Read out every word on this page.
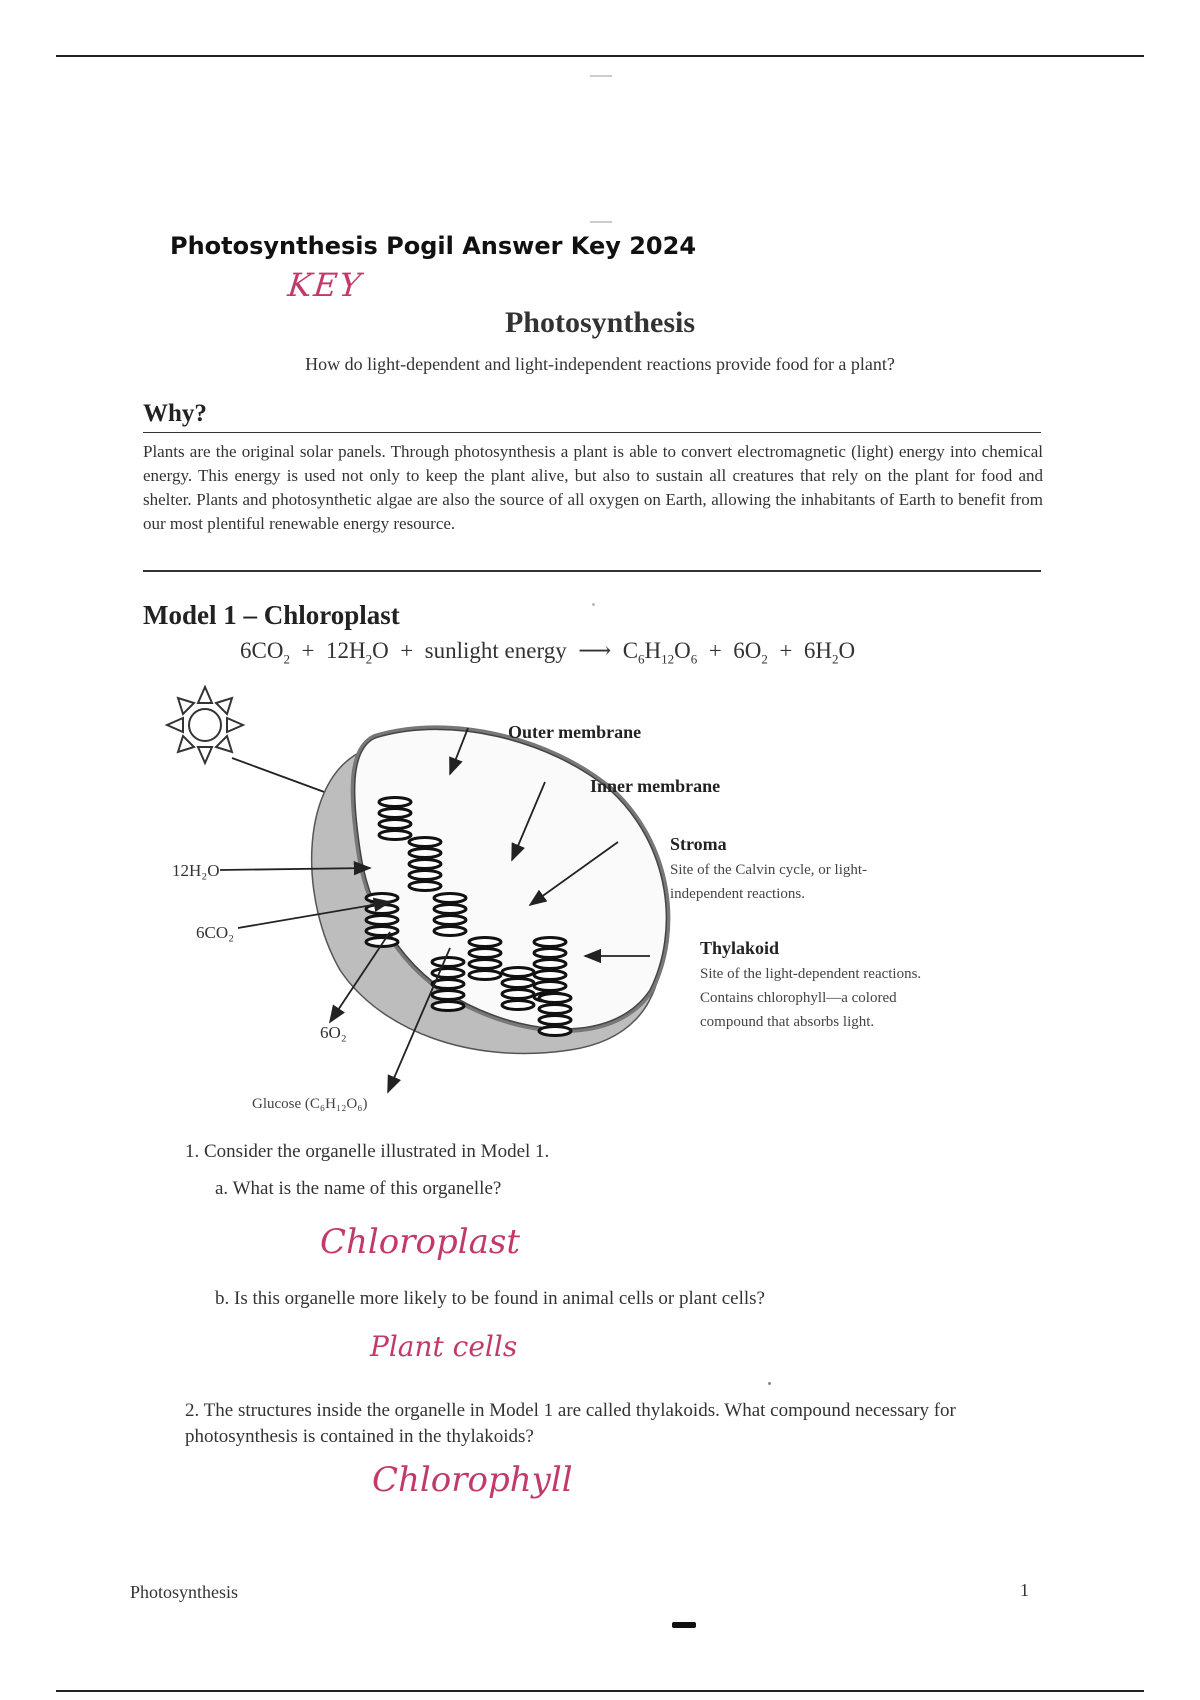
Photosynthesis Pogil Answer Key 2024
KEY
Photosynthesis
How do light-dependent and light-independent reactions provide food for a plant?
Why?
Plants are the original solar panels. Through photosynthesis a plant is able to convert electromagnetic (light) energy into chemical energy. This energy is used not only to keep the plant alive, but also to sustain all creatures that rely on the plant for food and shelter. Plants and photosynthetic algae are also the source of all oxygen on Earth, allowing the inhabitants of Earth to benefit from our most plentiful renewable energy resource.
Model 1 – Chloroplast
$6CO_2 + 12H_2O$ + sunlight energy ⟶ $C_6H_{12}O_6 + 6O_2 + 6H_2O$
Outer membrane
Inner membrane
Stroma
Site of the Calvin cycle, or light-
independent reactions.
Thylakoid
Site of the light-dependent reactions.
Contains chlorophyll—a colored
compound that absorbs light.
12H₂O
6CO₂
6O₂
Glucose (C₆H₁₂O₆)
1. Consider the organelle illustrated in Model 1.
a. What is the name of this organelle?
Chloroplast
b. Is this organelle more likely to be found in animal cells or plant cells?
Plant cells
2. The structures inside the organelle in Model 1 are called thylakoids. What compound necessary for photosynthesis is contained in the thylakoids?
Chlorophyll
Photosynthesis	1
